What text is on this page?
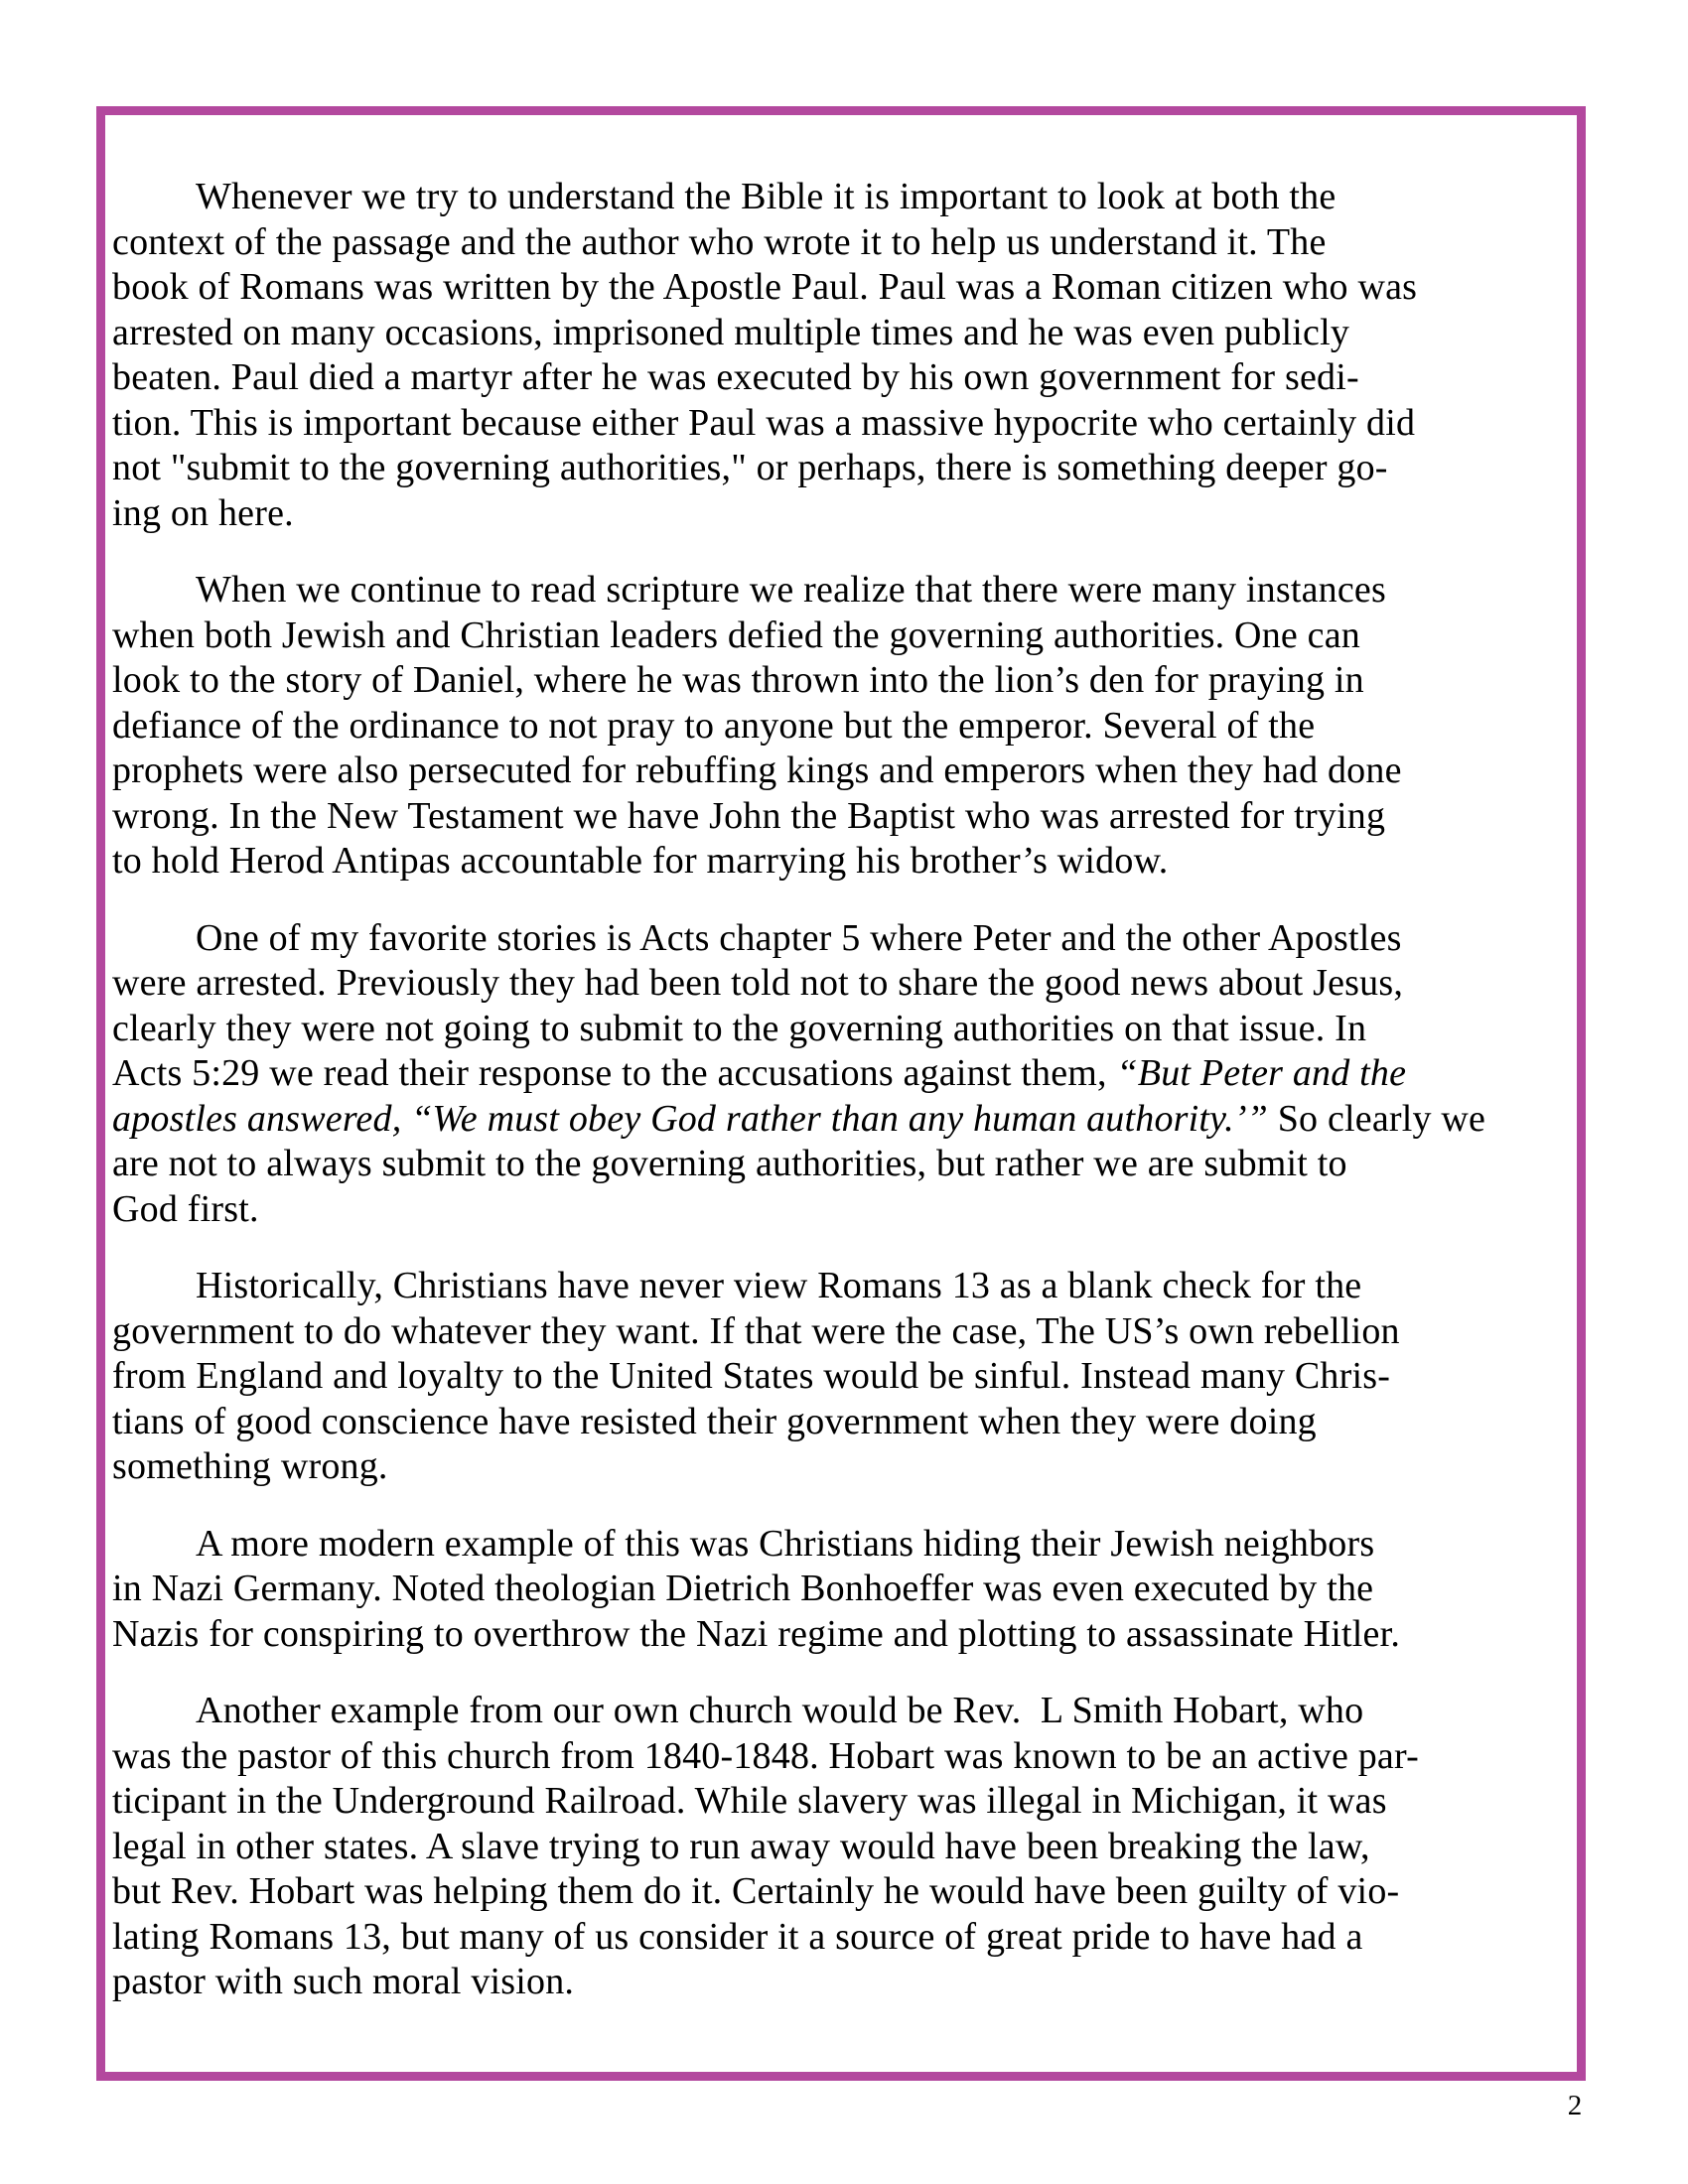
Whenever we try to understand the Bible it is important to look at both the
context of the passage and the author who wrote it to help us understand it. The
book of Romans was written by the Apostle Paul. Paul was a Roman citizen who was
arrested on many occasions, imprisoned multiple times and he was even publicly
beaten. Paul died a martyr after he was executed by his own government for sedi-
tion. This is important because either Paul was a massive hypocrite who certainly did
not "submit to the governing authorities," or perhaps, there is something deeper go-
ing on here.
When we continue to read scripture we realize that there were many instances
when both Jewish and Christian leaders defied the governing authorities. One can
look to the story of Daniel, where he was thrown into the lion’s den for praying in
defiance of the ordinance to not pray to anyone but the emperor. Several of the
prophets were also persecuted for rebuffing kings and emperors when they had done
wrong. In the New Testament we have John the Baptist who was arrested for trying
to hold Herod Antipas accountable for marrying his brother’s widow.
One of my favorite stories is Acts chapter 5 where Peter and the other Apostles
were arrested. Previously they had been told not to share the good news about Jesus,
clearly they were not going to submit to the governing authorities on that issue. In
Acts 5:29 we read their response to the accusations against them, “But Peter and the
apostles answered, “We must obey God rather than any human authority.’” So clearly we
are not to always submit to the governing authorities, but rather we are submit to
God first.
Historically, Christians have never view Romans 13 as a blank check for the
government to do whatever they want. If that were the case, The US’s own rebellion
from England and loyalty to the United States would be sinful. Instead many Chris-
tians of good conscience have resisted their government when they were doing
something wrong.
A more modern example of this was Christians hiding their Jewish neighbors
in Nazi Germany. Noted theologian Dietrich Bonhoeffer was even executed by the
Nazis for conspiring to overthrow the Nazi regime and plotting to assassinate Hitler.
Another example from our own church would be Rev.  L Smith Hobart, who
was the pastor of this church from 1840-1848. Hobart was known to be an active par-
ticipant in the Underground Railroad. While slavery was illegal in Michigan, it was
legal in other states. A slave trying to run away would have been breaking the law,
but Rev. Hobart was helping them do it. Certainly he would have been guilty of vio-
lating Romans 13, but many of us consider it a source of great pride to have had a
pastor with such moral vision.
2
